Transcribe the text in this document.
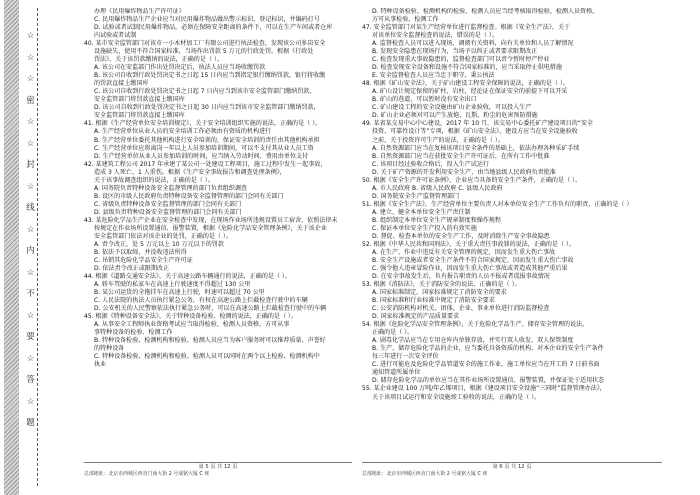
☆
☆
☆
密
☆
☆
封
☆
线
☆
内
☆
不
☆
要
☆
答
☆
题

办理《民用爆炸物品生产许可证》

C. 民用爆炸物品生产企业应当对民用爆炸物品做出警示标识、登记标识，并编码打号

D. 试验或者试制民用爆炸物品，必须在保障安全距离的条件下，可以在生产车间或者仓库

内试验或者试制

40. 某市安全监管部门对该市一小木材加工厂有限公司进行执法检查，发现该公司多岗安全

设施缺失，使用不符合国家标准，当场作出罚款 5 万元的行政处罚。根据《行政处

罚法》，关于该罚款缴纳的说法，正确的是（ ）。

A. 该公司在安监部门作出处罚决定后，执法人员应当场收缴罚款

B. 该公司自收到行政处罚决定书之日起 15 日内应当到指定银行缴纳罚款，银行将收缴

的罚款直接上缴国库

C. 该公司自收到行政处罚决定书之日起 7 日内应当到该市安全监管部门缴纳罚款，

安全监管部门将罚款直接上缴国库

D. 该公司自收到行政处罚决定书之日起 30 日内应当到该市安全监管部门缴纳罚款，

安全监管部门将罚款直接上缴国库

41. 根据《生产经营单位安全培训规定》，关于安全培训组织实施的说法，正确的是（ ）。

A. 生产经营单位从业人员的安全培训工作必须由有资质的机构进行

B. 生产经营单位委托其他机构进行安全培训的，保证安全培训的责任由其他机构承担

C. 生产经营单位应将离岗一年以上人员参加培训期间，可以不支付其从业人员工资

D. 生产经营单位从业人员参加培训的时间，应当纳入劳动时间，费用由单位支付

42. 某建筑工程公司 2017 年承建了某公司一处建设工程项目，施工过程中发生一起事故，

造成 3 人死亡、1 人重伤。根据《生产安全事故报告和调查处理条例》，

关于该事故调查组织的说法，正确的是（ ）。

A. 国务院负责特种设备安全监督管理的部门负责组织调查

B. 设区的市级人民政府负责特种设备安全监督管理的部门会同有关部门

C. 省级负责特种设备安全监督管理的部门会同有关部门

D. 县级负责特种设备安全监督管理的部门会同有关部门

43. 某危险化学品生产企业在安全检查中发现，在现场作业场所违规设置员工宿舍，依照法律未

按规定在作业场所设置通信、报警装置，根据《危险化学品安全管理条例》，关于该企业

安全监管部门依法对该企业的处罚，正确的是（ ）。

A. 责令改正，处 5 万元以上 10 万元以下的罚款

B. 依法予以取缔，并没收违法所得

C. 吊销其危险化学品安全生产许可证

D. 依法责令改正或限期改正

44. 根据《道路交通安全法》，关于高速公路车辆通行的说法，正确的是（ ）。

A. 轿车驾驶的私家车在高速上行驶速度不得超过 130 公里

B. 某公司运货的全拖挂车在高速上行驶，时速可以超过 70 公里

C. 人民法院的执法人员执行紧急公务，有权在高速公路上拦截检查行驶中的车辆

D. 公安机关的人民警察依法执行紧急公务时，可以在高速公路上拦截检查行驶中的车辆

45. 根据《特种设备安全法》，关于特种设备检验、检测的说法，正确的是（ ）。

A. 从事安全工程师执业资格考试应当取得检验、检测人员资格，方可从事

事特种设备的检验、检测工作

B. 特种设备检验、检测机构和检验、检测人员应当为客户服务时可以推荐质量、声誉好

的特种设备

C. 特种设备检验、检测机构和检验、检测人员可以同时在两个以上检验、检测机构中

执业

D. 特种设备检验、检测机构的检验、检测人员应当经考核取得检验、检测人员资格，

方可从事检验、检测工作

47. 安全监管部门对某生产经营单位进行监督检查。根据《安全生产法》，关于

对该单位安全监督检查的说法，错误的是（ ）。

A. 监督检查人员可以进入现场，调阅有关资料，向有关单位和人员了解情况

B. 发现安全隐患在现场行为，当场予以纠正或者要求限期改正

C. 检查发现重大事故隐患的，监督检查部门可以责令暂时停产停业

D. 检查发现安全设备和设施不符合国家标准的，应当采取停止供电措施

E. 安全监督检查人员应当忠于职守，秉公执法

48. 根据《矿山安全法》，关于矿山建设工程安全保障的说法，正确的是（ ）。

A. 矿山设计规定保留的矿柱、岩柱，经论证在保证安全的前提下可以开采

B. 矿山的巷道，可以暂时没有安全出口

C. 矿山建设工程的安全设施由矿山企业验收，可以投入生产

D. 矿山企业必须对可以产生放炮、瓦斯、粉尘的危害预防措施

49. 某省某交易中心中心建设，2017 年 10 月，该交易中心委托矿产建设项目的“安全

投资、可靠性设计等”专项，根据《矿山安全法》，建设方应当在安全设施验收

之前，关于投资许可生产的说法，正确的是（ ）。

A. 自然资源部门应当在复核该项目安全条件的基础上，依法办理各种采矿手续

B. 自然资源部门应当在获批安全生产许可证后，在所有工作中批准

C. 该项目经过验收合格后，投入生产试运行

D. 关于矿产资源的开发利用安全生产，由当地县级人民政府负责批准

50. 根据《安全生产许可证条例》，企业应当具备的安全生产条件，正确的是（ ）。

A. 市人民政府 B. 省级人民政府 C. 县级人民政府

D. 国务院安全生产监督管理部门

51. 根据《安全生产法》，生产经营单位主要负责人对本单位安全生产工作负有的职责，正确的是（ ）

A. 建立、健全本单位安全生产责任制

B. 组织制定本单位安全生产规章制度和操作规程

C. 保证本单位安全生产投入的有效实施

D. 督促、检查本单位的安全生产工作，及时消除生产安全事故隐患

52. 根据《中华人民共和国刑法》，关于重大责任事故罪的说法，正确的是（ ）。

A. 在生产、作业中违反有关安全管理的规定，因而发生重大伤亡事故

B. 安全生产设施或者安全生产条件不符合国家规定，因而发生重大伤亡事故

C. 强令他人违章冒险作业，因而发生重大伤亡事故或者造成其他严重后果

D. 在安全事故发生后，负有报告职责的人员不报或者谎报事故情况

53. 根据《消防法》，关于消防安全的说法，正确的是（ ）。

A. 国家标准制定，国家标准规定了消防安全的要求

B. 国家标准和行业标准中规定了消防安全要求

C. 公安消防机构对机关、团体、企业、事业单位进行消防监督检查

D. 国家标准规定的产品质量要求

54. 根据《危险化学品安全管理条例》，关于危险化学品生产、储存安全管理的说法，

正确的是（ ）。

A. 剧毒化学品应当在专用仓库内单独存放，并实行双人收发、双人保管制度

B. 生产、储存危险化学品的企业，应当委托具备资质的机构，对本企业的安全生产条件

每三年进行一次安全评价

C. 进行可能危及危险化学品管道安全的施工作业，施工单位应当在开工的 7 日前书面

通知管道所属单位

D. 储存危险化学品的单位应当在其作业场所设置通信、报警装置，并保证处于适用状态

55. 某企业建设 100 万吨/年乙烯项目，根据《建设项目安全设施“三同时”监督管理办法》，

关于该项目试运行和安全设施竣工验收的说法，正确的是（ ）。

第 5 页 共 12 页
总部地址：北京市西城区西直门南大街 2 号成铭大厦 C 座
第 6 页 共 12 页
总部地址：北京市西城区西直门南大街 2 号成铭大厦 C 座
